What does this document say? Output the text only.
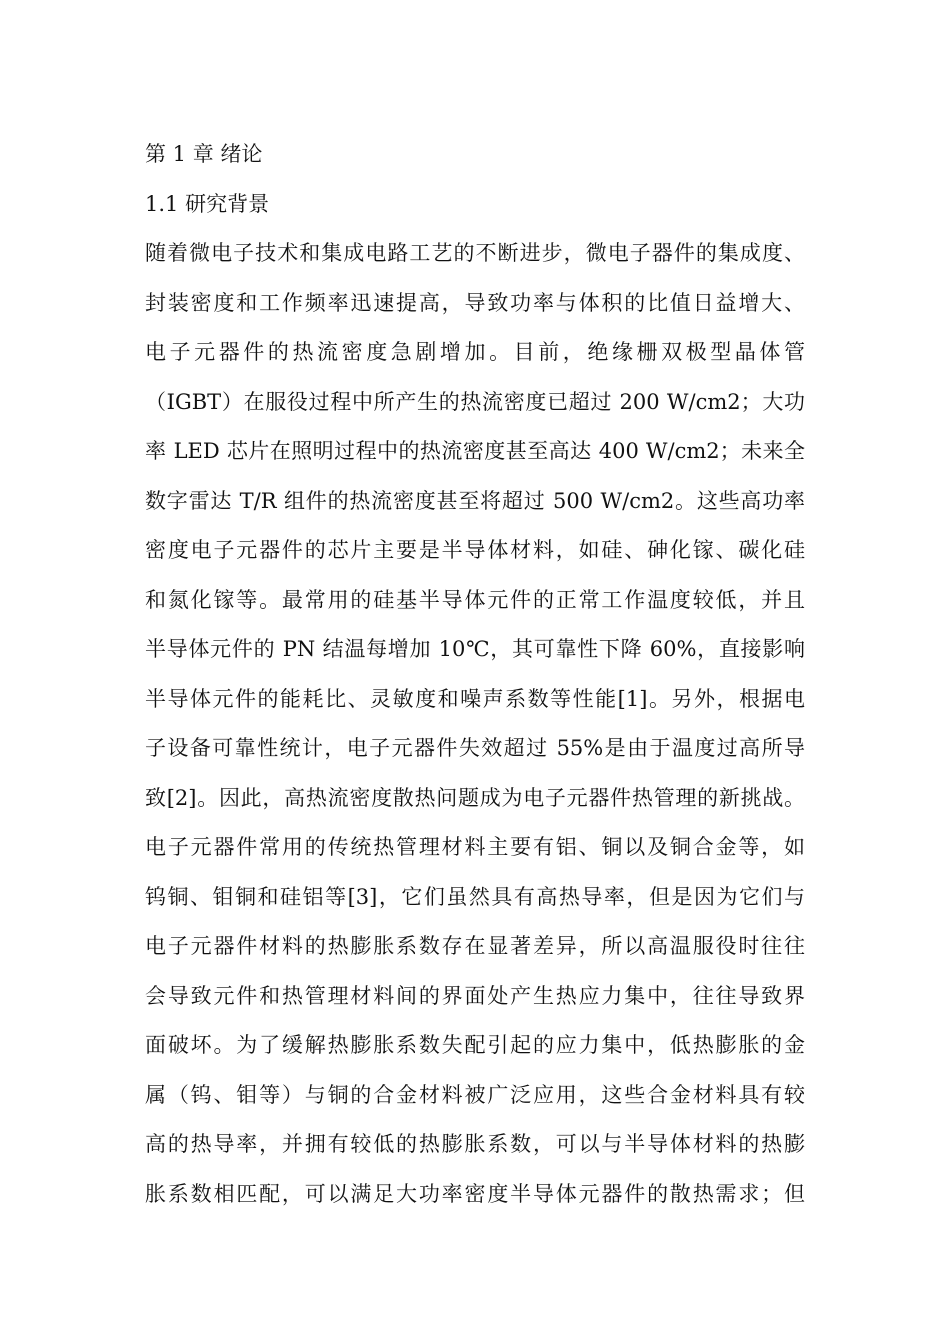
第 1 章 绪论
1.1 研究背景
随着微电子技术和集成电路工艺的不断进步，微电子器件的集成度、
封装密度和工作频率迅速提高，导致功率与体积的比值日益增大、
电子元器件的热流密度急剧增加。目前，绝缘栅双极型晶体管
（IGBT）在服役过程中所产生的热流密度已超过 200 W/cm2；大功
率 LED 芯片在照明过程中的热流密度甚至高达 400 W/cm2；未来全
数字雷达 T/R 组件的热流密度甚至将超过 500 W/cm2。这些高功率
密度电子元器件的芯片主要是半导体材料，如硅、砷化镓、碳化硅
和氮化镓等。最常用的硅基半导体元件的正常工作温度较低，并且
半导体元件的 PN 结温每增加 10℃，其可靠性下降 60%，直接影响
半导体元件的能耗比、灵敏度和噪声系数等性能[1]。另外，根据电
子设备可靠性统计，电子元器件失效超过 55%是由于温度过高所导
致[2]。因此，高热流密度散热问题成为电子元器件热管理的新挑战。
电子元器件常用的传统热管理材料主要有铝、铜以及铜合金等，如
钨铜、钼铜和硅铝等[3]，它们虽然具有高热导率，但是因为它们与
电子元器件材料的热膨胀系数存在显著差异，所以高温服役时往往
会导致元件和热管理材料间的界面处产生热应力集中，往往导致界
面破坏。为了缓解热膨胀系数失配引起的应力集中，低热膨胀的金
属（钨、钼等）与铜的合金材料被广泛应用，这些合金材料具有较
高的热导率，并拥有较低的热膨胀系数，可以与半导体材料的热膨
胀系数相匹配，可以满足大功率密度半导体元器件的散热需求；但
